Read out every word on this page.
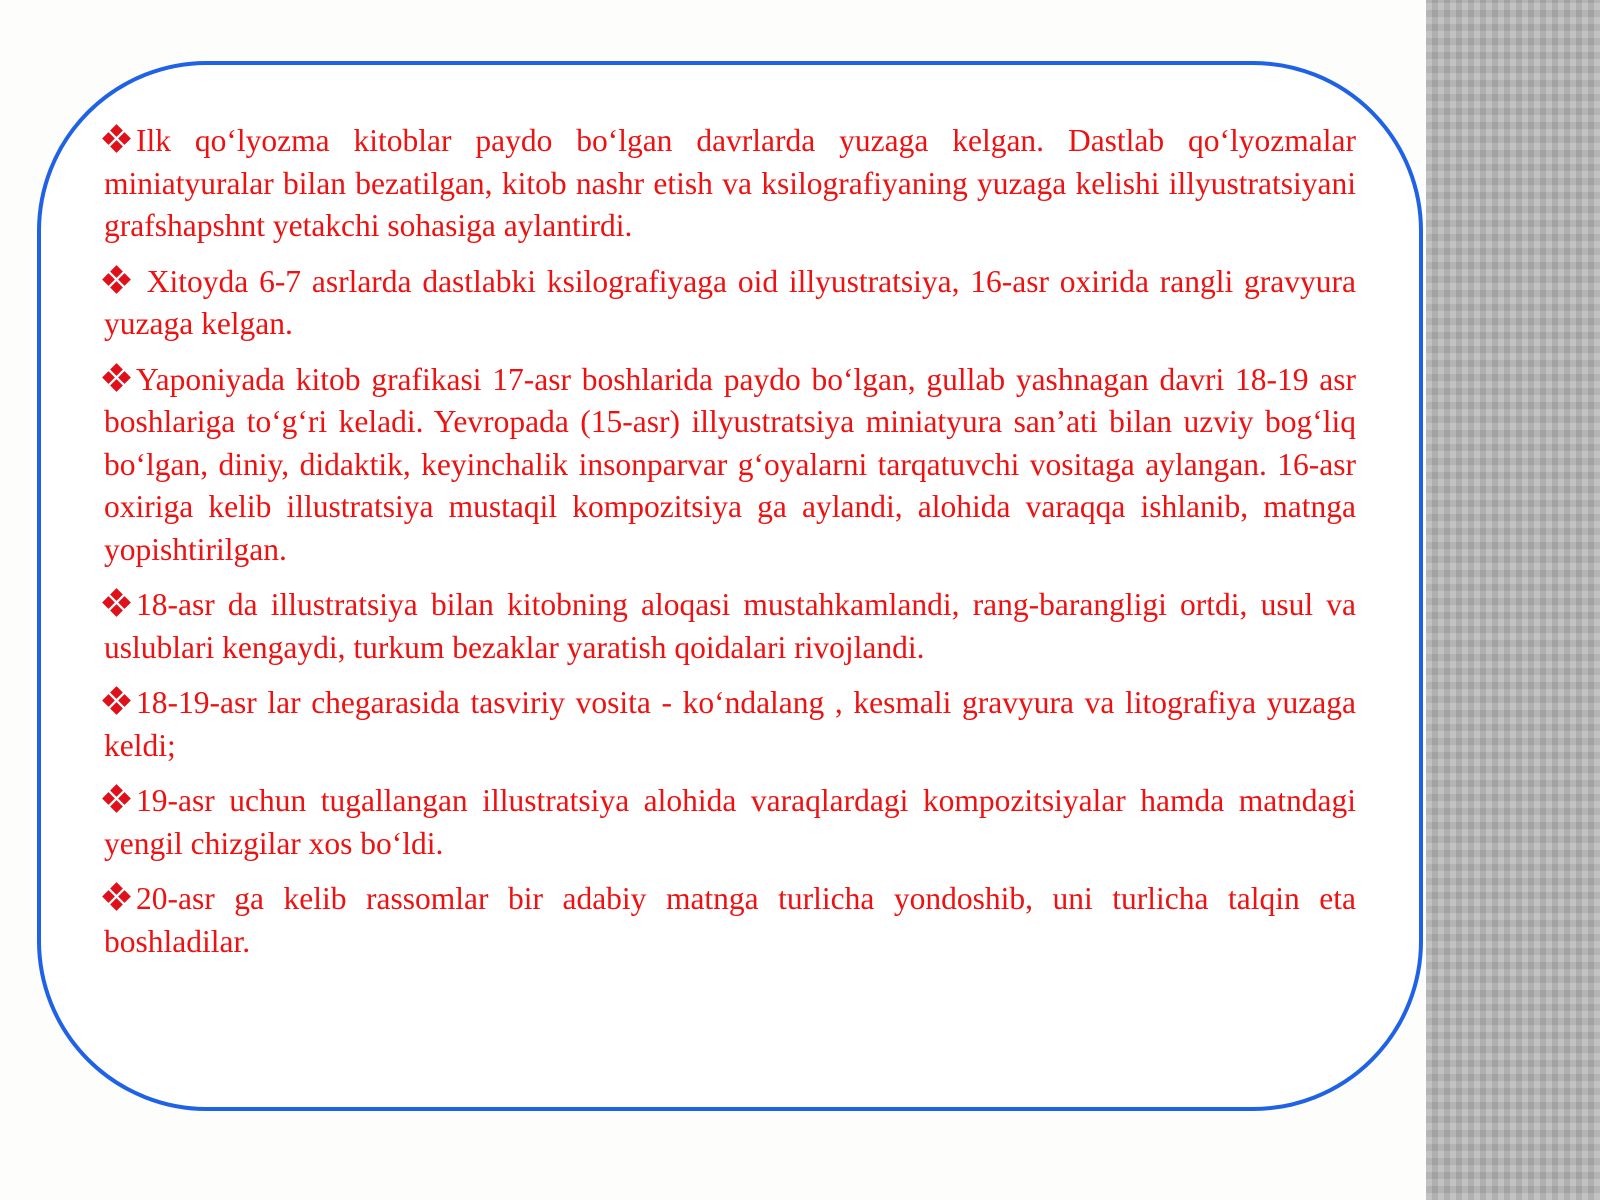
Ilk qo‘lyozma kitoblar paydo bo‘lgan davrlarda yuzaga kelgan. Dastlab qo‘lyozmalar miniatyuralar bilan bezatilgan, kitob nashr etish va ksilografiyaning yuzaga kelishi illyustratsiyani grafshapshnt yetakchi sohasiga aylantirdi.

Xitoyda 6-7 asrlarda dastlabki ksilografiyaga oid illyustratsiya, 16-asr oxirida rangli gravyura yuzaga kelgan.

Yaponiyada kitob grafikasi 17-asr boshlarida paydo bo‘lgan, gullab yashnagan davri 18-19 asr boshlariga to‘g‘ri keladi. Yevropada (15-asr) illyustratsiya miniatyura san’ati bilan uzviy bog‘liq bo‘lgan, diniy, didaktik, keyinchalik insonparvar g‘oyalarni tarqatuvchi vositaga aylangan. 16-asr oxiriga kelib illustratsiya mustaqil kompozitsiya ga aylandi, alohida varaqqa ishlanib, matnga yopishtirilgan.

18-asr da illustratsiya bilan kitobning aloqasi mustahkamlandi, rang-barangligi ortdi, usul va uslublari kengaydi, turkum bezaklar yaratish qoidalari rivojlandi.

18-19-asr lar chegarasida tasviriy vosita - ko‘ndalang , kesmali gravyura va litografiya yuzaga keldi;

19-asr uchun tugallangan illustratsiya alohida varaqlardagi kompozitsiyalar hamda matndagi yengil chizgilar xos bo‘ldi.

20-asr ga kelib rassomlar bir adabiy matnga turlicha yondoshib, uni turlicha talqin eta boshladilar.
